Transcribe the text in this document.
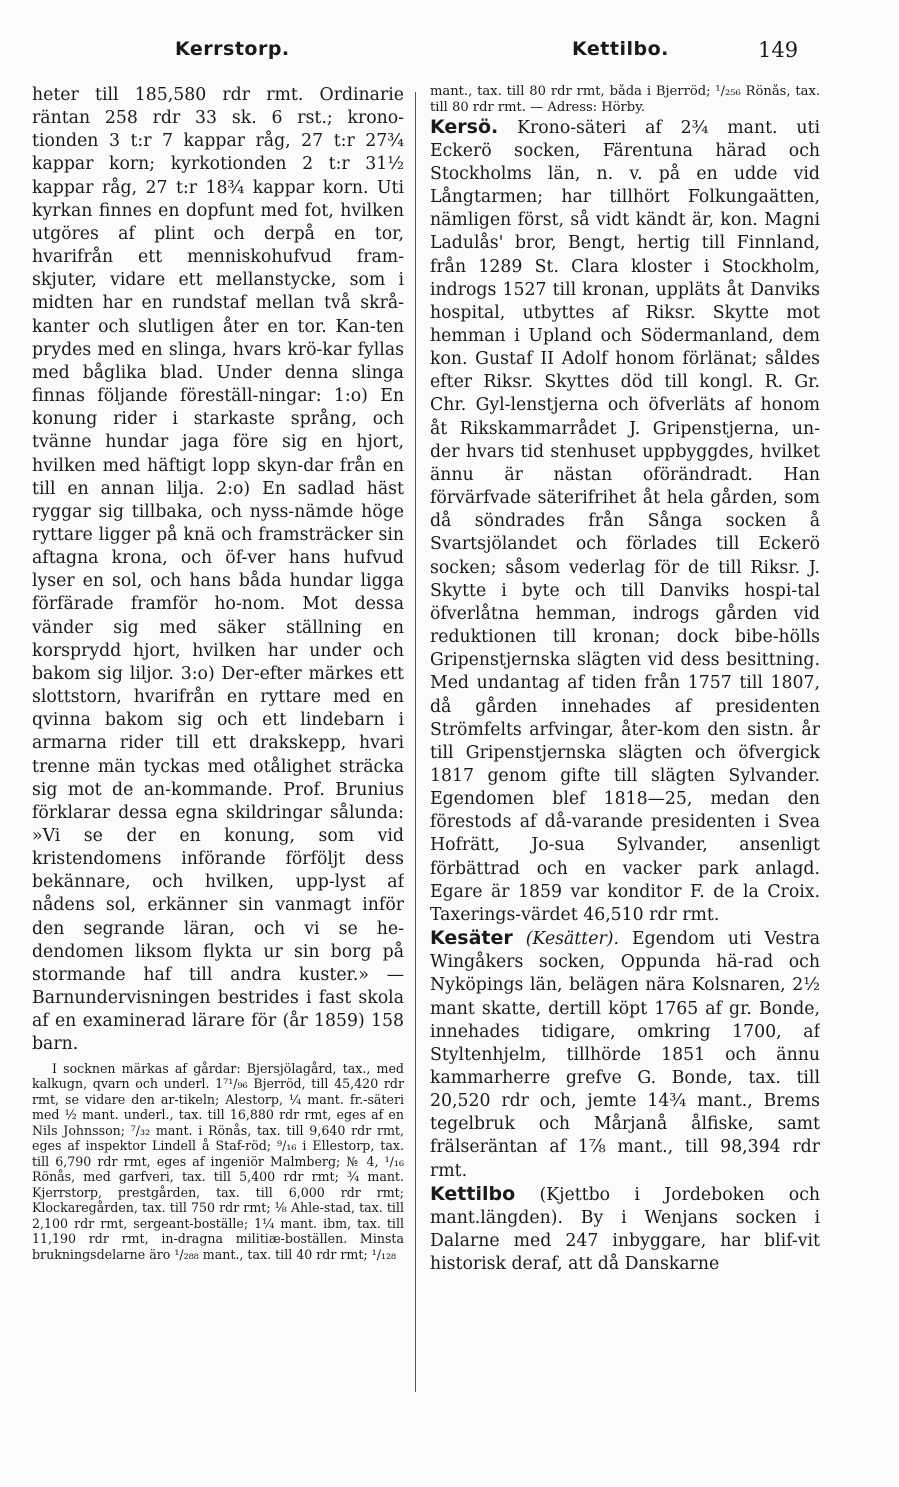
Kerrstorp.	Kettilbo.	149

heter till 185,580 rdr rmt. Ordinarie räntan 258 rdr 33 sk. 6 rst.; krono-tionden 3 t:r 7 kappar råg, 27 t:r 27¾ kappar korn; kyrkotionden 2 t:r 31½ kappar råg, 27 t:r 18¾ kappar korn. Uti kyrkan finnes en dopfunt med fot, hvilken utgöres af plint och derpå en tor, hvarifrån ett menniskohufvud fram-skjuter, vidare ett mellanstycke, som i midten har en rundstaf mellan två skrå-kanter och slutligen åter en tor. Kan-ten prydes med en slinga, hvars krö-kar fyllas med båglika blad. Under denna slinga finnas följande föreställ-ningar: 1:o) En konung rider i starkaste språng, och tvänne hundar jaga före sig en hjort, hvilken med häftigt lopp skyn-dar från en till en annan lilja. 2:o) En sadlad häst ryggar sig tillbaka, och nyss-nämde höge ryttare ligger på knä och framsträcker sin aftagna krona, och öf-ver hans hufvud lyser en sol, och hans båda hundar ligga förfärade framför ho-nom. Mot dessa vänder sig med säker ställning en korsprydd hjort, hvilken har under och bakom sig liljor. 3:o) Der-efter märkes ett slottstorn, hvarifrån en ryttare med en qvinna bakom sig och ett lindebarn i armarna rider till ett drakskepp, hvari trenne män tyckas med otålighet sträcka sig mot de an-kommande. Prof. Brunius förklarar dessa egna skildringar sålunda: »Vi se der en konung, som vid kristendomens införande förföljt dess bekännare, och hvilken, upp-lyst af nådens sol, erkänner sin vanmagt inför den segrande läran, och vi se he-dendomen liksom flykta ur sin borg på stormande haf till andra kuster.» — Barnundervisningen bestrides i fast skola af en examinerad lärare för (år 1859) 158 barn.

I socknen märkas af gårdar: Bjersjölagård, tax., med kalkugn, qvarn och underl. 1⁷¹/₉₆ Bjerröd, till 45,420 rdr rmt, se vidare den ar-tikeln; Alestorp, ¼ mant. fr.-säteri med ½ mant. underl., tax. till 16,880 rdr rmt, eges af en Nils Johnsson; ⁷/₃₂ mant. i Rönås, tax. till 9,640 rdr rmt, eges af inspektor Lindell å Staf-röd; ⁹/₁₆ i Ellestorp, tax. till 6,790 rdr rmt, eges af ingeniör Malmberg; № 4, ¹/₁₆ Rönås, med garfveri, tax. till 5,400 rdr rmt; ¾ mant. Kjerrstorp, prestgården, tax. till 6,000 rdr rmt; Klockaregården, tax. till 750 rdr rmt; ⅛ Ahle-stad, tax. till 2,100 rdr rmt, sergeant-boställe; 1¼ mant. ibm, tax. till 11,190 rdr rmt, in-dragna militiæ-boställen. Minsta brukningsdelarne äro ¹/₂₈₈ mant., tax. till 40 rdr rmt; ¹/₁₂₈

mant., tax. till 80 rdr rmt, båda i Bjerröd; ¹/₂₅₆ Rönås, tax. till 80 rdr rmt. — Adress: Hörby.

Kersö. Krono-säteri af 2¾ mant. uti Eckerö socken, Färentuna härad och Stockholms län, n. v. på en udde vid Långtarmen; har tillhört Folkungaätten, nämligen först, så vidt kändt är, kon. Magni Ladulås' bror, Bengt, hertig till Finnland, från 1289 St. Clara kloster i Stockholm, indrogs 1527 till kronan, uppläts åt Danviks hospital, utbyttes af Riksr. Skytte mot hemman i Upland och Södermanland, dem kon. Gustaf II Adolf honom förlänat; såldes efter Riksr. Skyttes död till kongl. R. Gr. Chr. Gyl-lenstjerna och öfverläts af honom åt Rikskammarrådet J. Gripenstjerna, un-der hvars tid stenhuset uppbyggdes, hvilket ännu är nästan oförändradt. Han förvärfvade säterifrihet åt hela gården, som då söndrades från Sånga socken å Svartsjölandet och förlades till Eckerö socken; såsom vederlag för de till Riksr. J. Skytte i byte och till Danviks hospi-tal öfverlåtna hemman, indrogs gården vid reduktionen till kronan; dock bibe-hölls Gripenstjernska slägten vid dess besittning. Med undantag af tiden från 1757 till 1807, då gården innehades af presidenten Strömfelts arfvingar, åter-kom den sistn. år till Gripenstjernska slägten och öfvergick 1817 genom gifte till slägten Sylvander. Egendomen blef 1818—25, medan den förestods af då-varande presidenten i Svea Hofrätt, Jo-sua Sylvander, ansenligt förbättrad och en vacker park anlagd. Egare är 1859 var konditor F. de la Croix. Taxerings-värdet 46,510 rdr rmt.

Kesäter (Kesätter). Egendom uti Vestra Wingåkers socken, Oppunda hä-rad och Nyköpings län, belägen nära Kolsnaren, 2½ mant skatte, dertill köpt 1765 af gr. Bonde, innehades tidigare, omkring 1700, af Styltenhjelm, tillhörde 1851 och ännu kammarherre grefve G. Bonde, tax. till 20,520 rdr och, jemte 14¾ mant., Brems tegelbruk och Mårjanå ålfiske, samt frälseräntan af 1⅞ mant., till 98,394 rdr rmt.

Kettilbo (Kjettbo i Jordeboken och mant.längden). By i Wenjans socken i Dalarne med 247 inbyggare, har blif-vit historisk deraf, att då Danskarne
